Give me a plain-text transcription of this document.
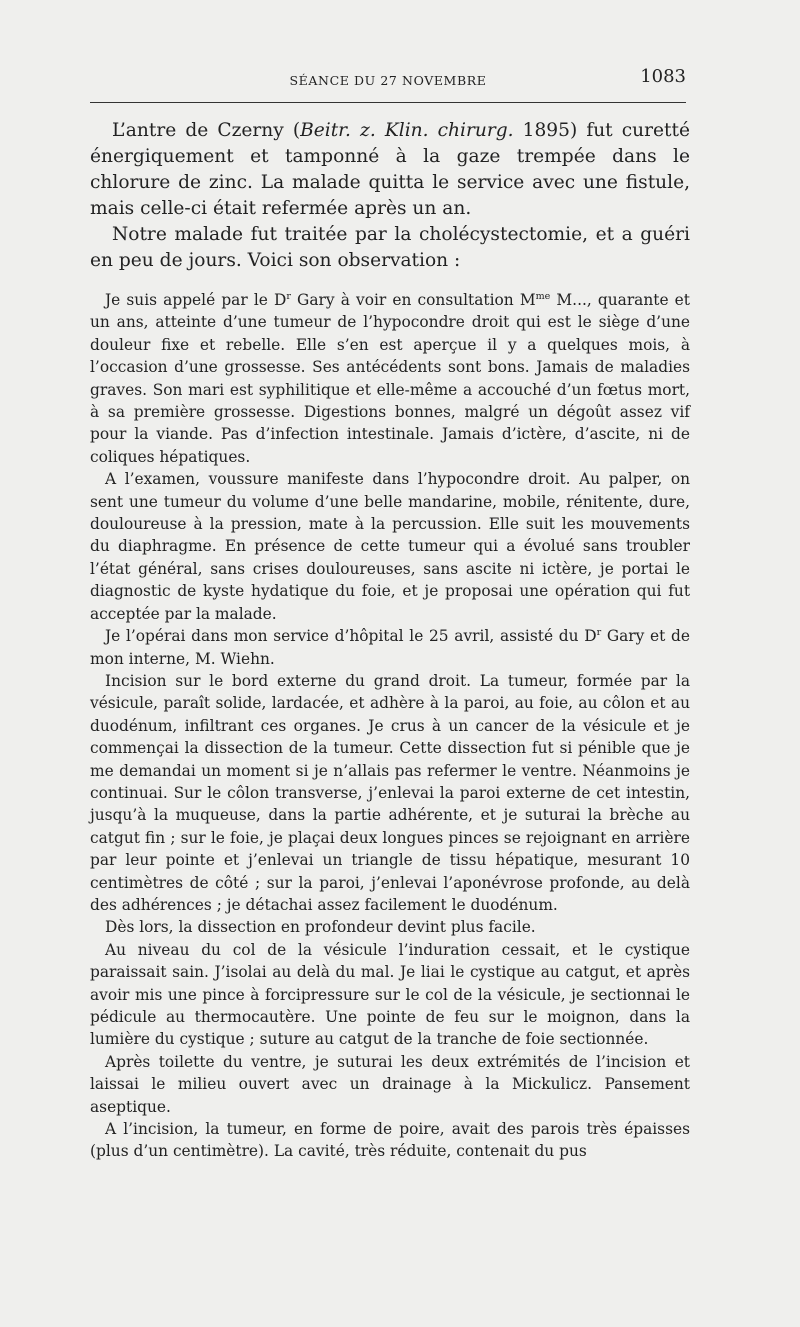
SÉANCE DU 27 NOVEMBRE	1083

L’antre de Czerny (Beitr. z. Klin. chirurg. 1895) fut curetté énergiquement et tamponné à la gaze trempée dans le chlorure de zinc. La malade quitta le service avec une fistule, mais celle-ci était refermée après un an.

Notre malade fut traitée par la cholécystectomie, et a guéri en peu de jours. Voici son observation :

Je suis appelé par le $D^r$ Gary à voir en consultation $M^{me}$ M..., quarante et un ans, atteinte d’une tumeur de l’hypocondre droit qui est le siège d’une douleur fixe et rebelle. Elle s’en est aperçue il y a quelques mois, à l’occasion d’une grossesse. Ses antécédents sont bons. Jamais de maladies graves. Son mari est syphilitique et elle-même a accouché d’un fœtus mort, à sa première grossesse. Digestions bonnes, malgré un dégoût assez vif pour la viande. Pas d’infection intestinale. Jamais d’ictère, d’ascite, ni de coliques hépatiques.

A l’examen, voussure manifeste dans l’hypocondre droit. Au palper, on sent une tumeur du volume d’une belle mandarine, mobile, rénitente, dure, douloureuse à la pression, mate à la percussion. Elle suit les mouvements du diaphragme. En présence de cette tumeur qui a évolué sans troubler l’état général, sans crises douloureuses, sans ascite ni ictère, je portai le diagnostic de kyste hydatique du foie, et je proposai une opération qui fut acceptée par la malade.

Je l’opérai dans mon service d’hôpital le 25 avril, assisté du $D^r$ Gary et de mon interne, M. Wiehn.

Incision sur le bord externe du grand droit. La tumeur, formée par la vésicule, paraît solide, lardacée, et adhère à la paroi, au foie, au côlon et au duodénum, infiltrant ces organes. Je crus à un cancer de la vésicule et je commençai la dissection de la tumeur. Cette dissection fut si pénible que je me demandai un moment si je n’allais pas refermer le ventre. Néanmoins je continuai. Sur le côlon transverse, j’enlevai la paroi externe de cet intestin, jusqu’à la muqueuse, dans la partie adhérente, et je suturai la brèche au catgut fin ; sur le foie, je plaçai deux longues pinces se rejoignant en arrière par leur pointe et j’enlevai un triangle de tissu hépatique, mesurant 10 centimètres de côté ; sur la paroi, j’enlevai l’aponévrose profonde, au delà des adhérences ; je détachai assez facilement le duodénum.

Dès lors, la dissection en profondeur devint plus facile.

Au niveau du col de la vésicule l’induration cessait, et le cystique paraissait sain. J’isolai au delà du mal. Je liai le cystique au catgut, et après avoir mis une pince à forcipressure sur le col de la vésicule, je sectionnai le pédicule au thermocautère. Une pointe de feu sur le moignon, dans la lumière du cystique ; suture au catgut de la tranche de foie sectionnée.

Après toilette du ventre, je suturai les deux extrémités de l’incision et laissai le milieu ouvert avec un drainage à la Mickulicz. Pansement aseptique.

A l’incision, la tumeur, en forme de poire, avait des parois très épaisses (plus d’un centimètre). La cavité, très réduite, contenait du pus
